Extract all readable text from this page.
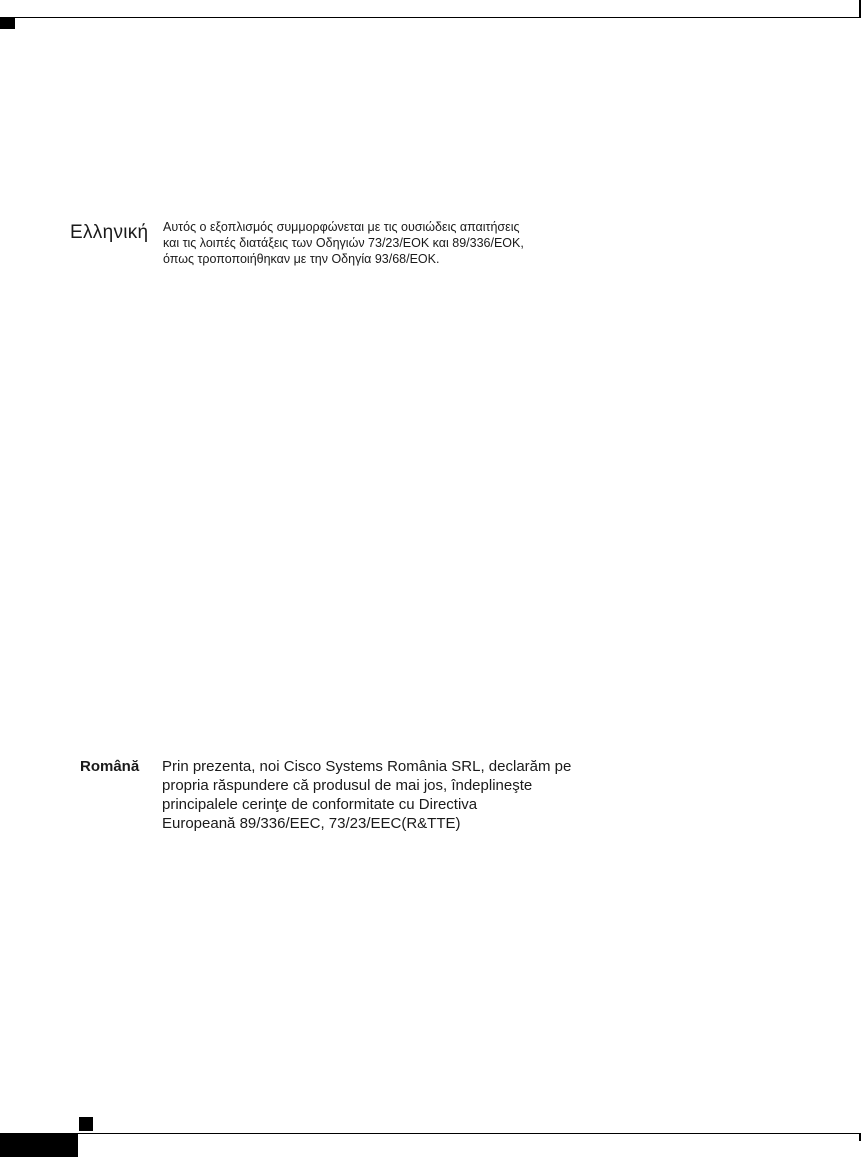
Ελληνική Αυτός ο εξοπλισμός συμμορφώνεται με τις ουσιώδεις απαιτήσεις
και τις λοιπές διατάξεις των Οδηγιών 73/23/ΕΟΚ και 89/336/ΕΟΚ,
όπως τροποποιήθηκαν με την Οδηγία 93/68/ΕΟΚ.
Română Prin prezenta, noi Cisco Systems România SRL, declarăm pe
propria răspundere că produsul de mai jos, îndeplineşte
principalele cerinţe de conformitate cu Directiva
Europeană 89/336/EEC, 73/23/EEC(R&TTE)
